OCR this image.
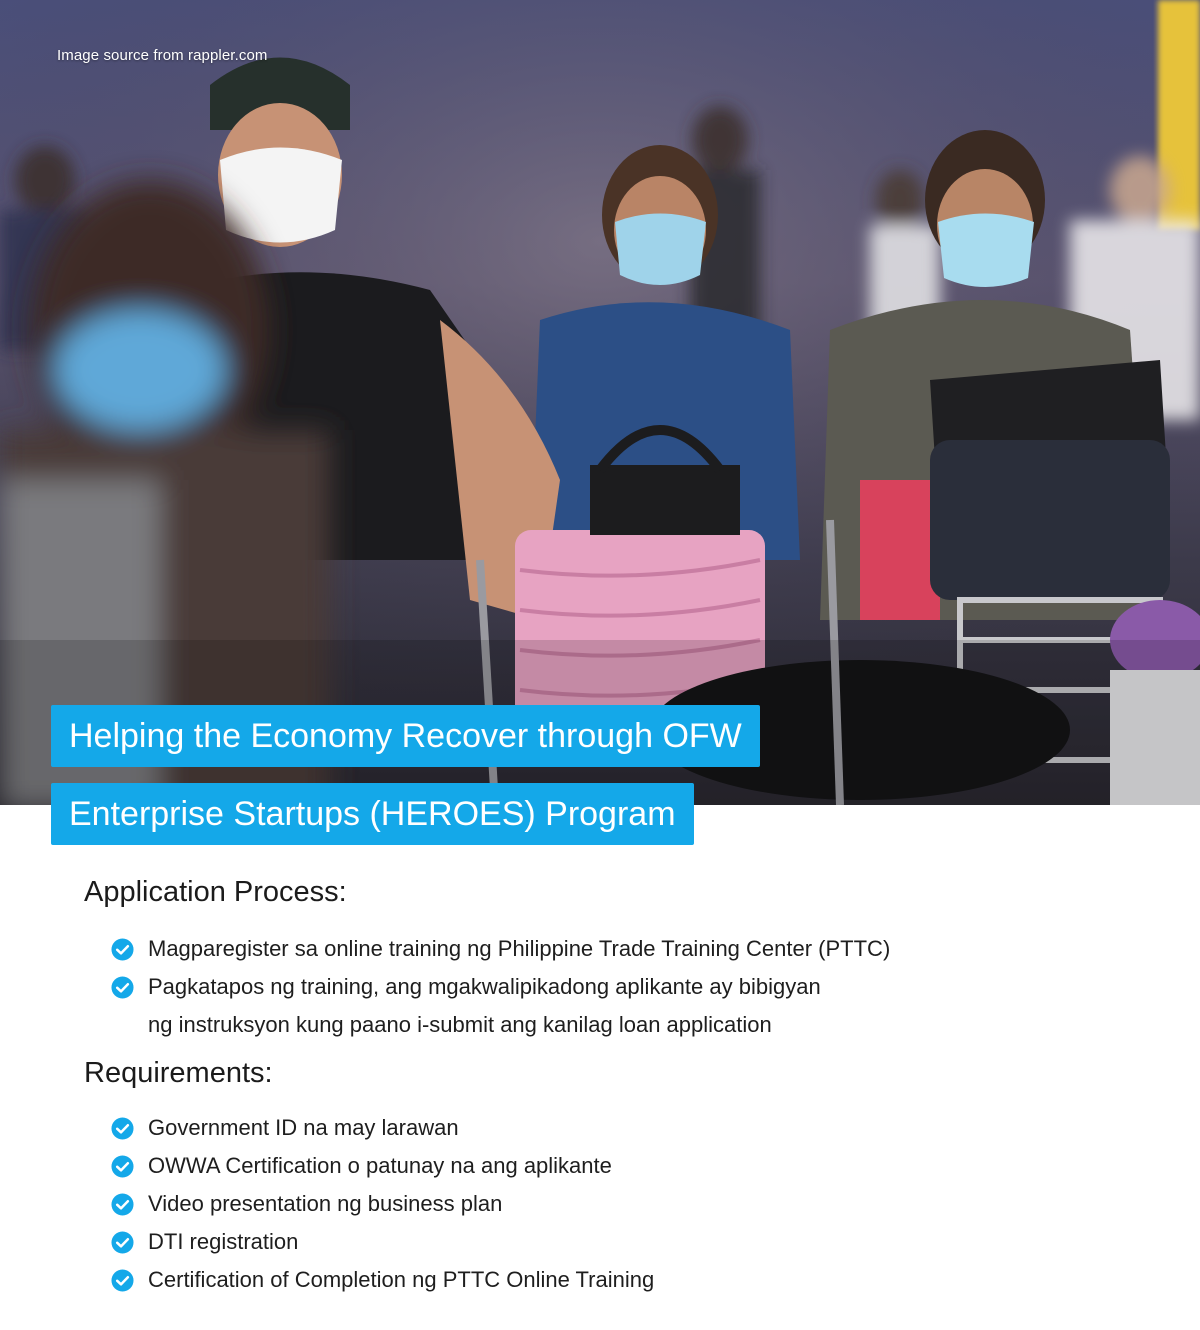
Image source from rappler.com
Helping the Economy Recover through OFW
Enterprise Startups (HEROES) Program
Application Process:
Magparegister sa online training ng Philippine Trade Training Center (PTTC)
Pagkatapos ng training, ang mgakwalipikadong aplikante ay bibigyan
ng instruksyon kung paano i-submit ang kanilag loan application
Requirements:
Government ID na may larawan
OWWA Certification o patunay na ang aplikante
Video presentation ng business plan
DTI registration
Certification of Completion ng PTTC Online Training
